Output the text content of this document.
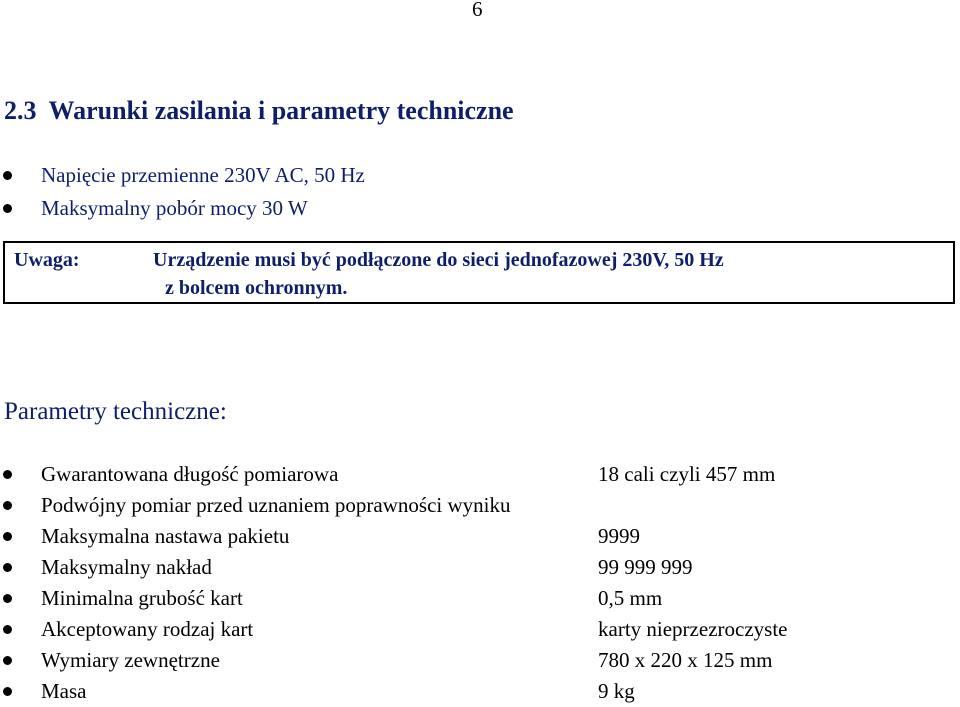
6
2.3 Warunki zasilania i parametry techniczne
Napięcie przemienne 230V AC, 50 Hz
Maksymalny pobór mocy 30 W
Uwaga:	Urządzenie musi być podłączone do sieci jednofazowej 230V, 50 Hz
z bolcem ochronnym.
Parametry techniczne:
Gwarantowana długość pomiarowa	18 cali czyli 457 mm
Podwójny pomiar przed uznaniem poprawności wyniku
Maksymalna nastawa pakietu	9999
Maksymalny nakład	99 999 999
Minimalna grubość kart	0,5 mm
Akceptowany rodzaj kart	karty nieprzezroczyste
Wymiary zewnętrzne	780 x 220 x 125 mm
Masa	9 kg
